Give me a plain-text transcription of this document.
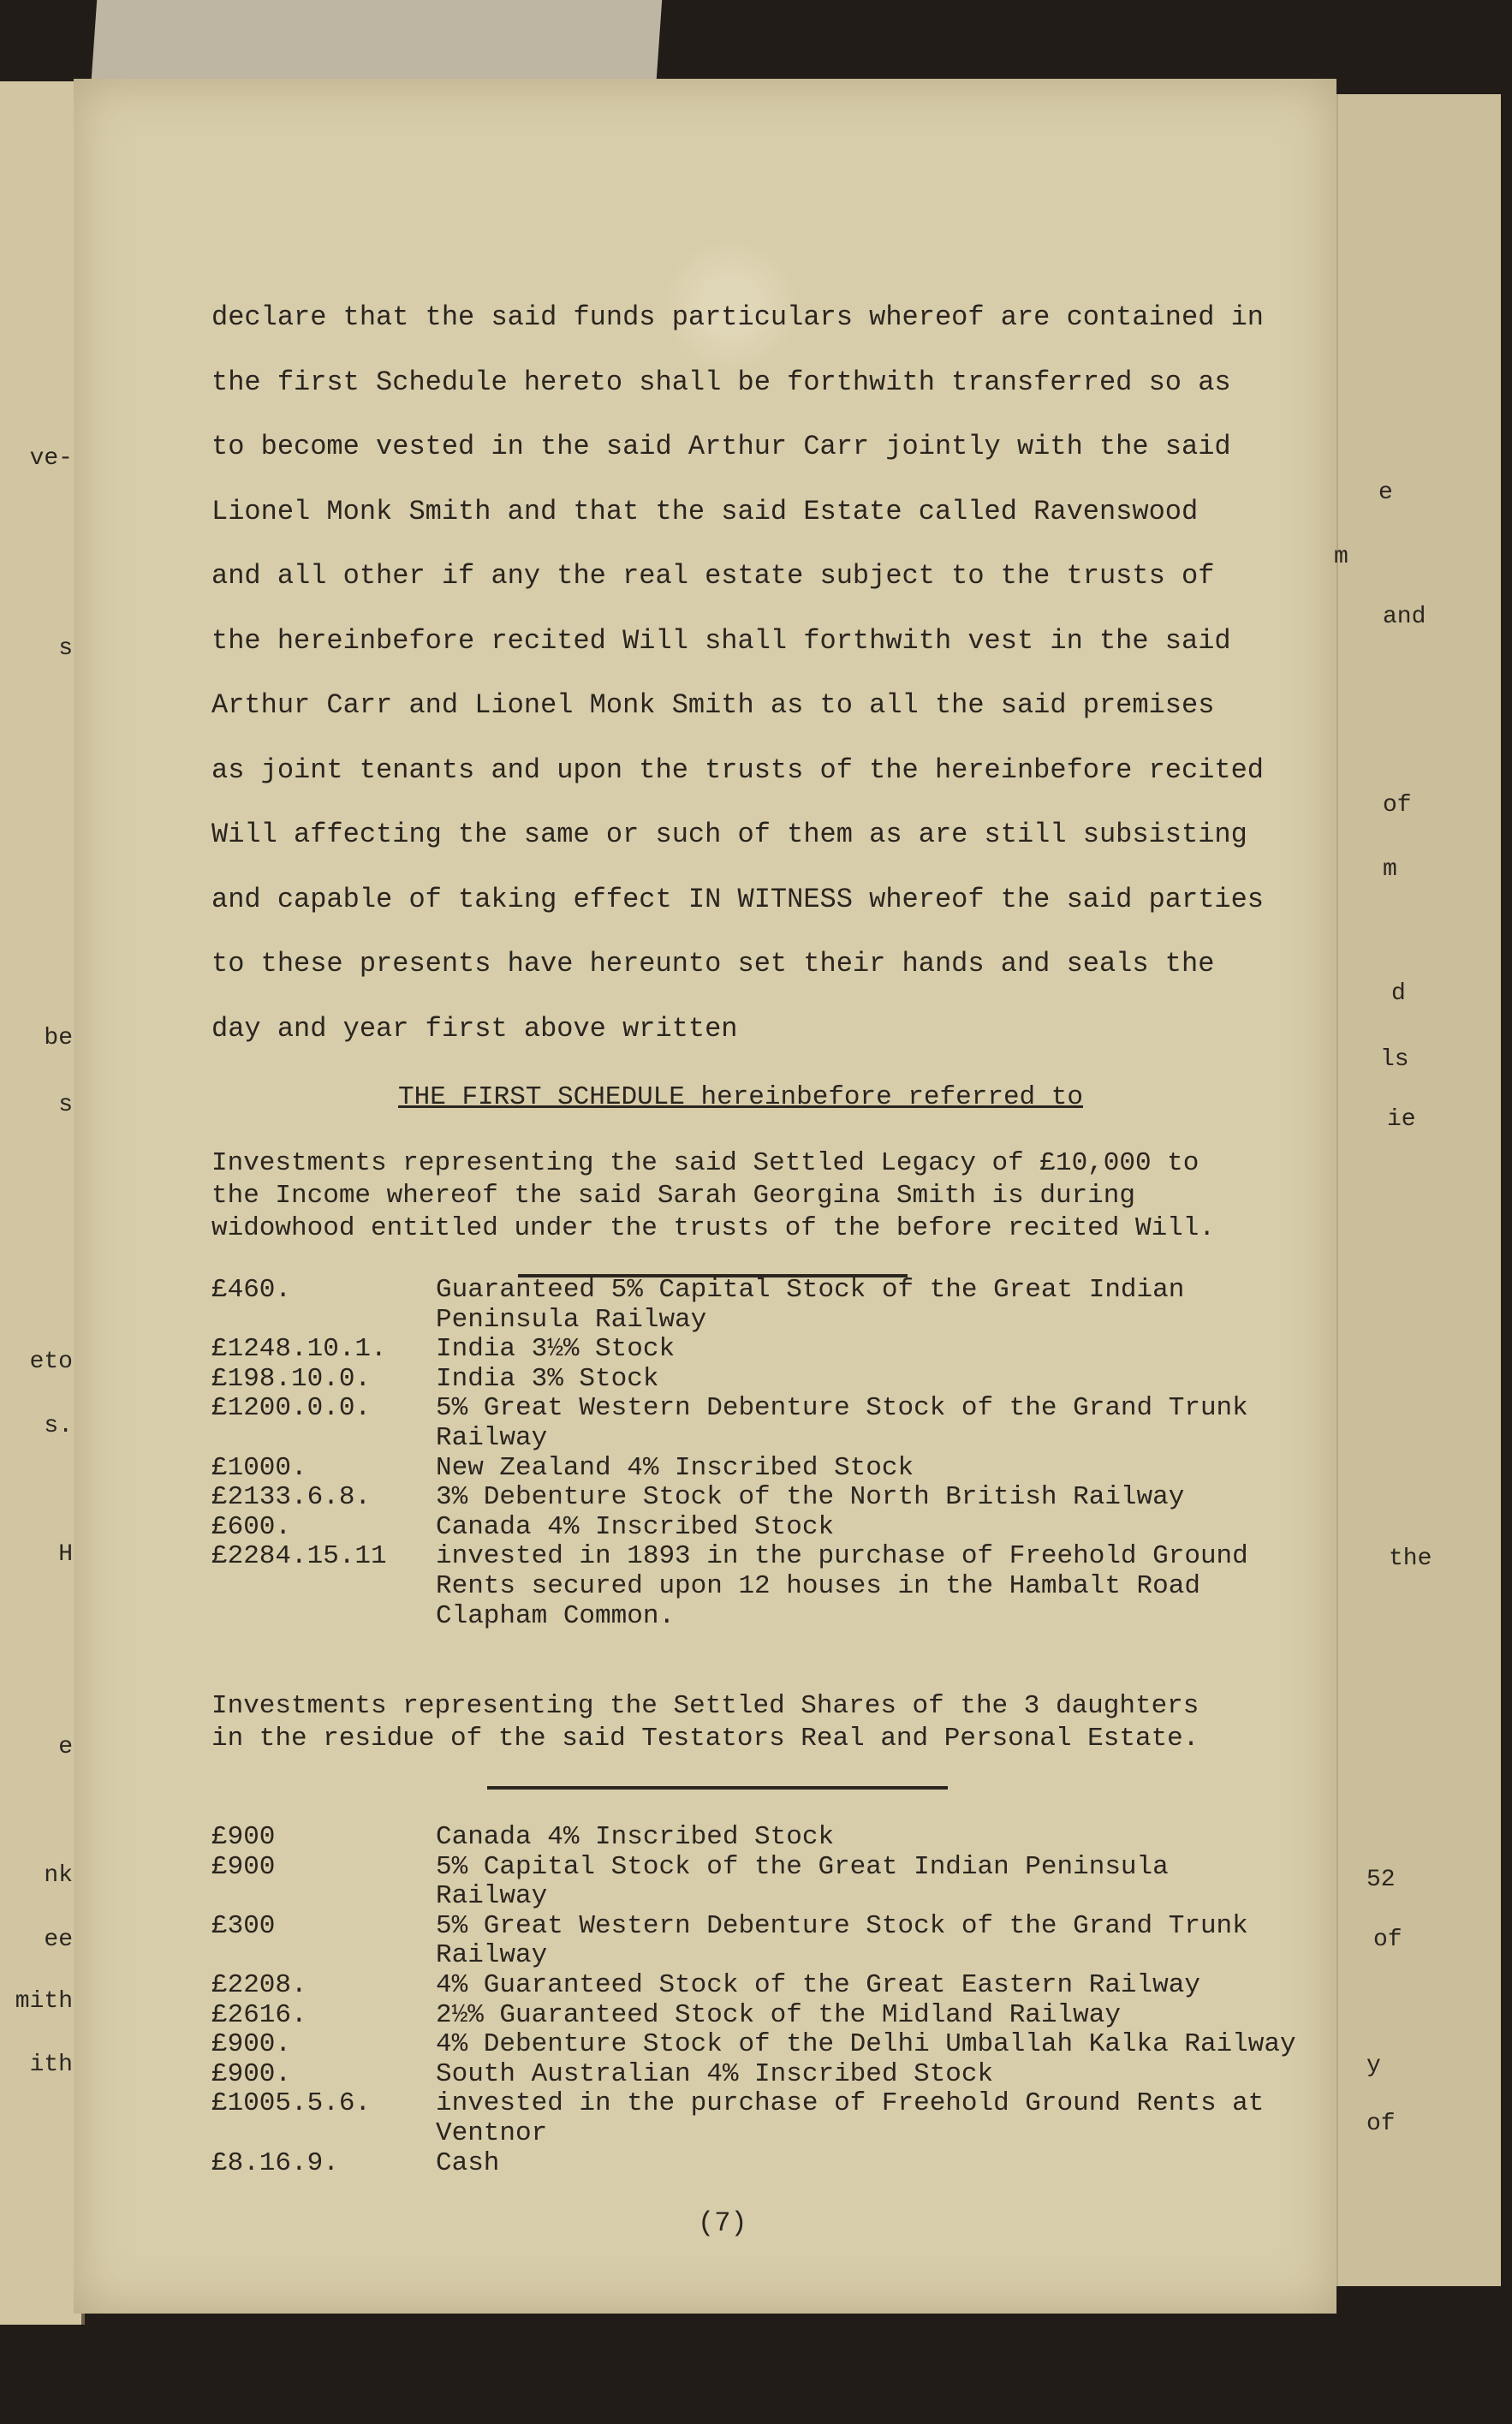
ve-
s
be
s
eto
s.
H
e
nk
ee
mith
ith
e
m
and
of
m
d
ls
ie
the
52
of
y
of
declare that the said funds particulars whereof are contained in
the first Schedule hereto shall be forthwith transferred so as
to become vested in the said Arthur Carr jointly with the said
Lionel Monk Smith and that the said Estate called Ravenswood
and all other if any the real estate subject to the trusts of
the hereinbefore recited Will shall forthwith vest in the said
Arthur Carr and Lionel Monk Smith as to all the said premises
as joint tenants and upon the trusts of the hereinbefore recited
Will affecting the same or such of them as are still subsisting
and capable of taking effect IN WITNESS whereof the said parties
to these presents have hereunto set their hands and seals the
day and year first above written
THE FIRST SCHEDULE hereinbefore referred to
Investments representing the said Settled Legacy of £10,000 to
the Income whereof the said Sarah Georgina Smith is during
widowhood entitled under the trusts of the before recited Will.
£460.	Guaranteed 5% Capital Stock of the Great Indian
Peninsula Railway
£1248.10.1.	India 3½% Stock
£198.10.0.	India 3% Stock
£1200.0.0.	5% Great Western Debenture Stock of the Grand Trunk
Railway
£1000.	New Zealand 4% Inscribed Stock
£2133.6.8.	3% Debenture Stock of the North British Railway
£600.	Canada 4% Inscribed Stock
£2284.15.11	invested in 1893 in the purchase of Freehold Ground
Rents secured upon 12 houses in the Hambalt Road
Clapham Common.
Investments representing the Settled Shares of the 3 daughters
in the residue of the said Testators Real and Personal Estate.
£900	Canada 4% Inscribed Stock
£900	5% Capital Stock of the Great Indian Peninsula
Railway
£300	5% Great Western Debenture Stock of the Grand Trunk
Railway
£2208.	4% Guaranteed Stock of the Great Eastern Railway
£2616.	2½% Guaranteed Stock of the Midland Railway
£900.	4% Debenture Stock of the Delhi Umballah Kalka Railway
£900.	South Australian 4% Inscribed Stock
£1005.5.6.	invested in the purchase of Freehold Ground Rents at
Ventnor
£8.16.9.	Cash
(7)
